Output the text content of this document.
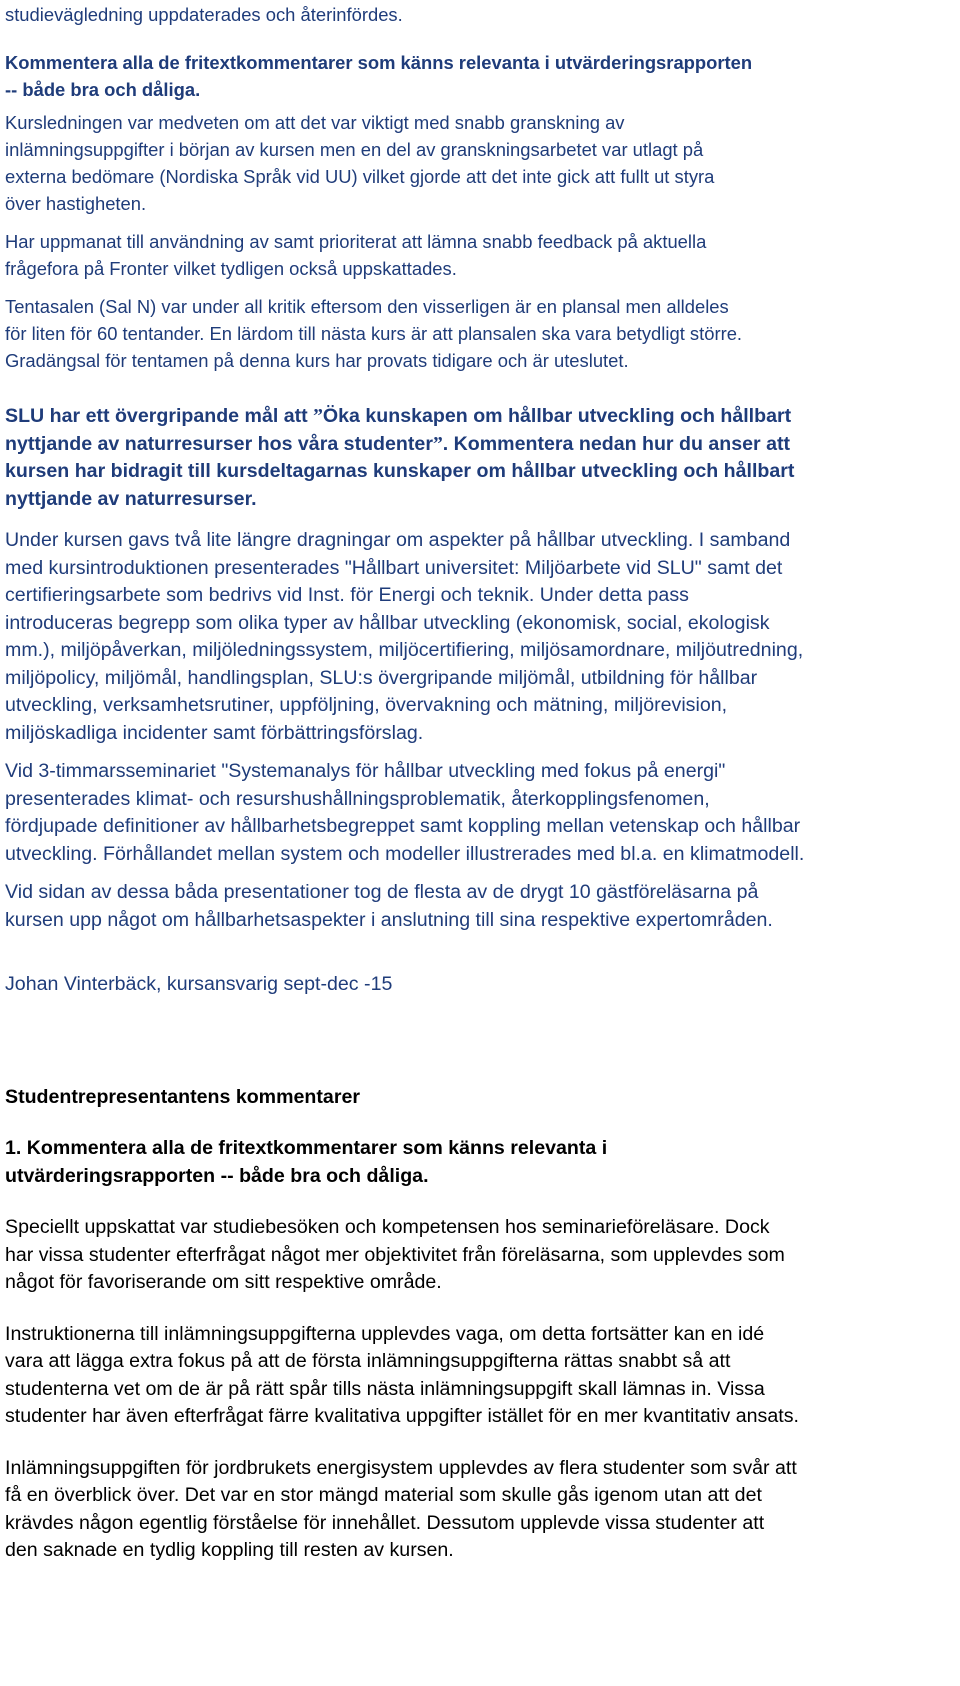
studievägledning uppdaterades och återinfördes.

Kommentera alla de fritextkommentarer som känns relevanta i utvärderingsrapporten
-- både bra och dåliga.

Kursledningen var medveten om att det var viktigt med snabb granskning av
inlämningsuppgifter i början av kursen men en del av granskningsarbetet var utlagt på
externa bedömare (Nordiska Språk vid UU) vilket gjorde att det inte gick att fullt ut styra
över hastigheten.

Har uppmanat till användning av samt prioriterat att lämna snabb feedback på aktuella
frågefora på Fronter vilket tydligen också uppskattades.

Tentasalen (Sal N) var under all kritik eftersom den visserligen är en plansal men alldeles
för liten för 60 tentander. En lärdom till nästa kurs är att plansalen ska vara betydligt större.
Gradängsal för tentamen på denna kurs har provats tidigare och är uteslutet.

SLU har ett övergripande mål att ”Öka kunskapen om hållbar utveckling och hållbart
nyttjande av naturresurser hos våra studenter”. Kommentera nedan hur du anser att
kursen har bidragit till kursdeltagarnas kunskaper om hållbar utveckling och hållbart
nyttjande av naturresurser.

Under kursen gavs två lite längre dragningar om aspekter på hållbar utveckling. I samband
med kursintroduktionen presenterades "Hållbart universitet: Miljöarbete vid SLU" samt det
certifieringsarbete som bedrivs vid Inst. för Energi och teknik. Under detta pass
introduceras begrepp som olika typer av hållbar utveckling (ekonomisk, social, ekologisk
mm.), miljöpåverkan, miljöledningssystem, miljöcertifiering, miljösamordnare, miljöutredning,
miljöpolicy, miljömål, handlingsplan, SLU:s övergripande miljömål, utbildning för hållbar
utveckling, verksamhetsrutiner, uppföljning, övervakning och mätning, miljörevision,
miljöskadliga incidenter samt förbättringsförslag.

Vid 3-timmarsseminariet "Systemanalys för hållbar utveckling med fokus på energi"
presenterades klimat- och resurshushållningsproblematik, återkopplingsfenomen,
fördjupade definitioner av hållbarhetsbegreppet samt koppling mellan vetenskap och hållbar
utveckling. Förhållandet mellan system och modeller illustrerades med bl.a. en klimatmodell.

Vid sidan av dessa båda presentationer tog de flesta av de drygt 10 gästföreläsarna på
kursen upp något om hållbarhetsaspekter i anslutning till sina respektive expertområden.

Johan Vinterbäck, kursansvarig sept-dec -15

Studentrepresentantens kommentarer

1. Kommentera alla de fritextkommentarer som känns relevanta i
utvärderingsrapporten -- både bra och dåliga.

Speciellt uppskattat var studiebesöken och kompetensen hos seminarieföreläsare. Dock
har vissa studenter efterfrågat något mer objektivitet från föreläsarna, som upplevdes som
något för favoriserande om sitt respektive område.

Instruktionerna till inlämningsuppgifterna upplevdes vaga, om detta fortsätter kan en idé
vara att lägga extra fokus på att de första inlämningsuppgifterna rättas snabbt så att
studenterna vet om de är på rätt spår tills nästa inlämningsuppgift skall lämnas in. Vissa
studenter har även efterfrågat färre kvalitativa uppgifter istället för en mer kvantitativ ansats.

Inlämningsuppgiften för jordbrukets energisystem upplevdes av flera studenter som svår att
få en överblick över. Det var en stor mängd material som skulle gås igenom utan att det
krävdes någon egentlig förståelse för innehållet. Dessutom upplevde vissa studenter att
den saknade en tydlig koppling till resten av kursen.
